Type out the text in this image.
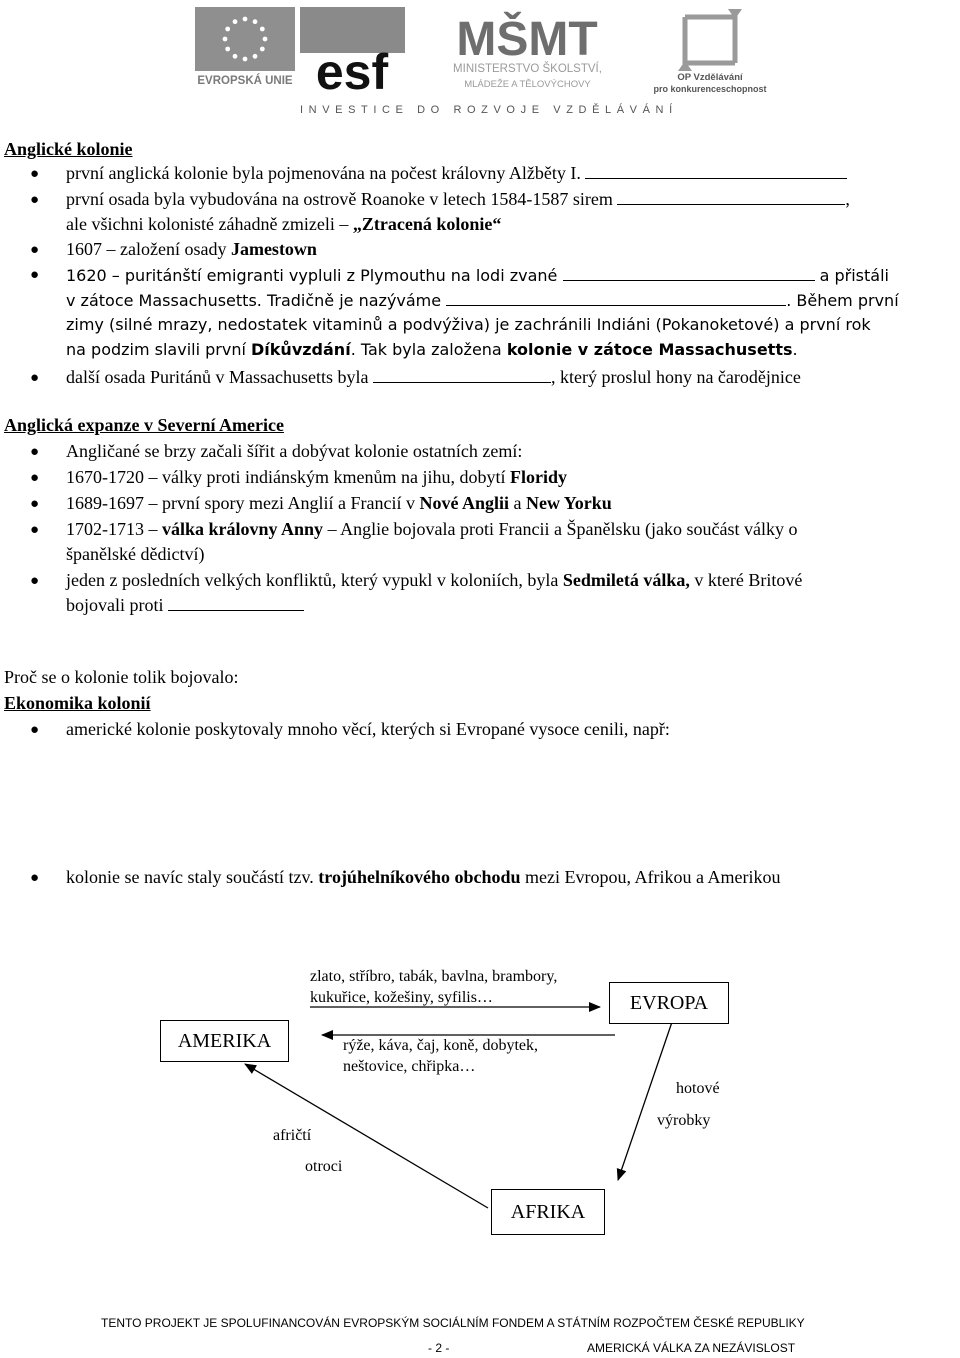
EVROPSKÁ UNIE esf
MŠMT
MINISTERSTVO ŠKOLSTVÍ,
MLÁDEŽE A TĚLOVÝCHOVY
OP Vzdělávání
pro konkurenceschopnost
INVESTICE DO ROZVOJE VZDĚLÁVÁNÍ
Anglické kolonie
● první anglická kolonie byla pojmenována na počest královny Alžběty I.
● první osada byla vybudována na ostrově Roanoke v letech 1584-1587 sirem	,
ale všichni kolonisté záhadně zmizeli – „Ztracená kolonie“
● 1607 – založení osady Jamestown
● 1620 – puritánští emigranti vypluli z Plymouthu na lodi zvané	a přistáli
v zátoce Massachusetts. Tradičně je nazýváme	. Během první
zimy (silné mrazy, nedostatek vitaminů a podvýživa) je zachránili Indiáni (Pokanoketové) a první rok
na podzim slavili první Díkůvzdání. Tak byla založena kolonie v zátoce Massachusetts.
● další osada Puritánů v Massachusetts byla	, který proslul hony na čarodějnice
Anglická expanze v Severní Americe
● Angličané se brzy začali šířit a dobývat kolonie ostatních zemí:
● 1670-1720 – války proti indiánským kmenům na jihu, dobytí Floridy
● 1689-1697 – první spory mezi Anglií a Francií v Nové Anglii a New Yorku
● 1702-1713 – válka královny Anny – Anglie bojovala proti Francii a Španělsku (jako součást války o
španělské dědictví)
● jeden z posledních velkých konfliktů, který vypukl v koloniích, byla Sedmiletá válka, v které Britové
bojovali proti
Proč se o kolonie tolik bojovalo:
Ekonomika kolonií
● americké kolonie poskytovaly mnoho věcí, kterých si Evropané vysoce cenili, např:
● kolonie se navíc staly součástí tzv. trojúhelníkového obchodu mezi Evropou, Afrikou a Amerikou
AMERIKA
EVROPA
AFRIKA
zlato, stříbro, tabák, bavlna, brambory,
kukuřice, kožešiny, syfilis…
rýže, káva, čaj, koně, dobytek,
neštovice, chřipka…
hotové
výrobky
afričtí
otroci
TENTO PROJEKT JE SPOLUFINANCOVÁN EVROPSKÝM SOCIÁLNÍM FONDEM A STÁTNÍM ROZPOČTEM ČESKÉ REPUBLIKY
- 2 -	AMERICKÁ VÁLKA ZA NEZÁVISLOST
